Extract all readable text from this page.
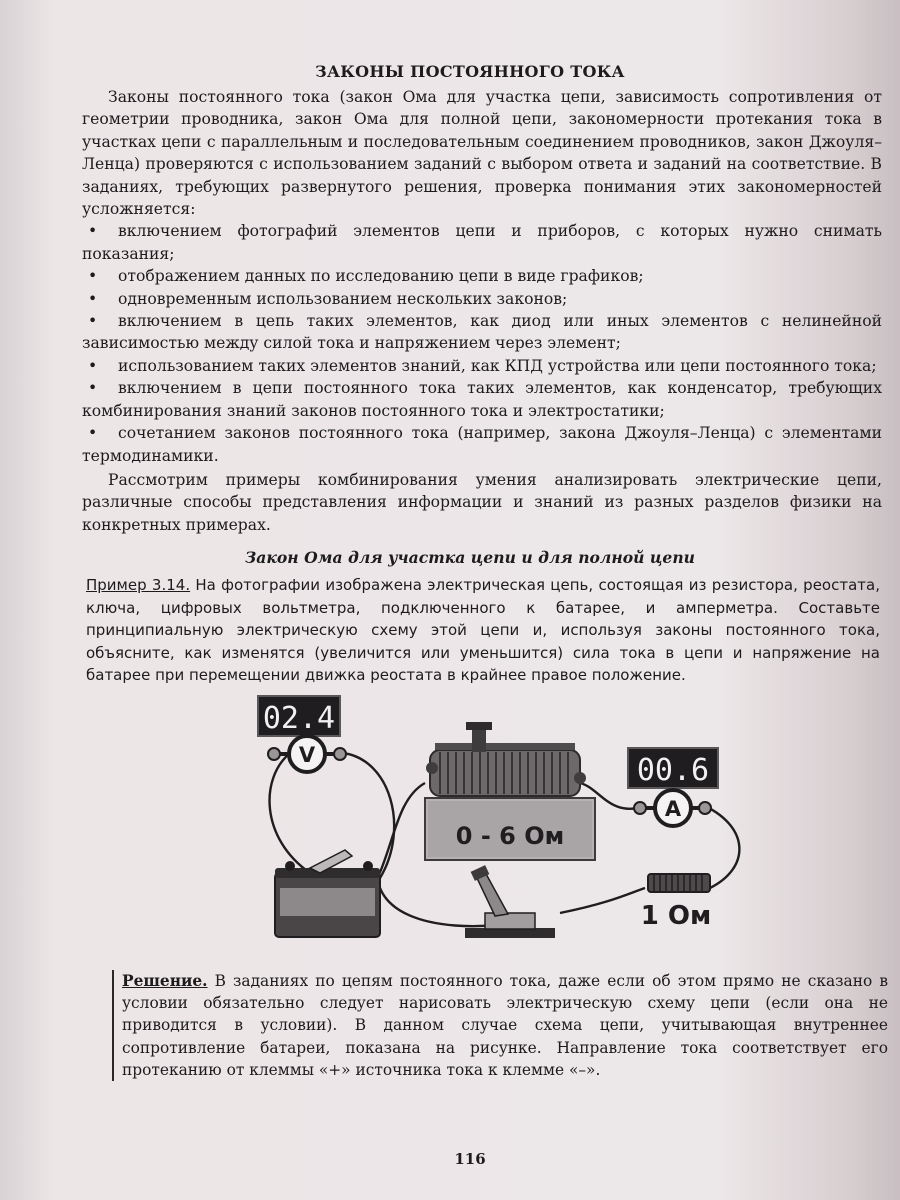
ЗАКОНЫ ПОСТОЯННОГО ТОКА

Законы постоянного тока (закон Ома для участка цепи, зависимость сопротивления от геометрии проводника, закон Ома для полной цепи, закономерности протекания тока в участках цепи с параллельным и последовательным соединением проводников, закон Джоуля–Ленца) проверяются с использованием заданий с выбором ответа и заданий на соответствие. В заданиях, требующих развернутого решения, проверка понимания этих закономерностей усложняется:

• включением фотографий элементов цепи и приборов, с которых нужно снимать показания;
• отображением данных по исследованию цепи в виде графиков;
• одновременным использованием нескольких законов;
• включением в цепь таких элементов, как диод или иных элементов с нелинейной зависимостью между силой тока и напряжением через элемент;
• использованием таких элементов знаний, как КПД устройства или цепи постоянного тока;
• включением в цепи постоянного тока таких элементов, как конденсатор, требующих комбинирования знаний законов постоянного тока и электростатики;
• сочетанием законов постоянного тока (например, закона Джоуля–Ленца) с элементами термодинамики.

Рассмотрим примеры комбинирования умения анализировать электрические цепи, различные способы представления информации и знаний из разных разделов физики на конкретных примерах.

Закон Ома для участка цепи и для полной цепи
Пример 3.14. На фотографии изображена электрическая цепь, состоящая из резистора, реостата, ключа, цифровых вольтметра, подключенного к батарее, и амперметра. Составьте принципиальную электрическую схему этой цепи и, используя законы постоянного тока, объясните, как изменятся (увеличится или уменьшится) сила тока в цепи и напряжение на батарее при перемещении движка реостата в крайнее правое положение.
02.4
V
0 - 6 Ом
00.6
A
1 Ом
Решение. В заданиях по цепям постоянного тока, даже если об этом прямо не сказано в условии обязательно следует нарисовать электрическую схему цепи (если она не приводится в условии). В данном случае схема цепи, учитывающая внутреннее сопротивление батареи, показана на рисунке. Направление тока соответствует его протеканию от клеммы «+» источника тока к клемме «–».
116
